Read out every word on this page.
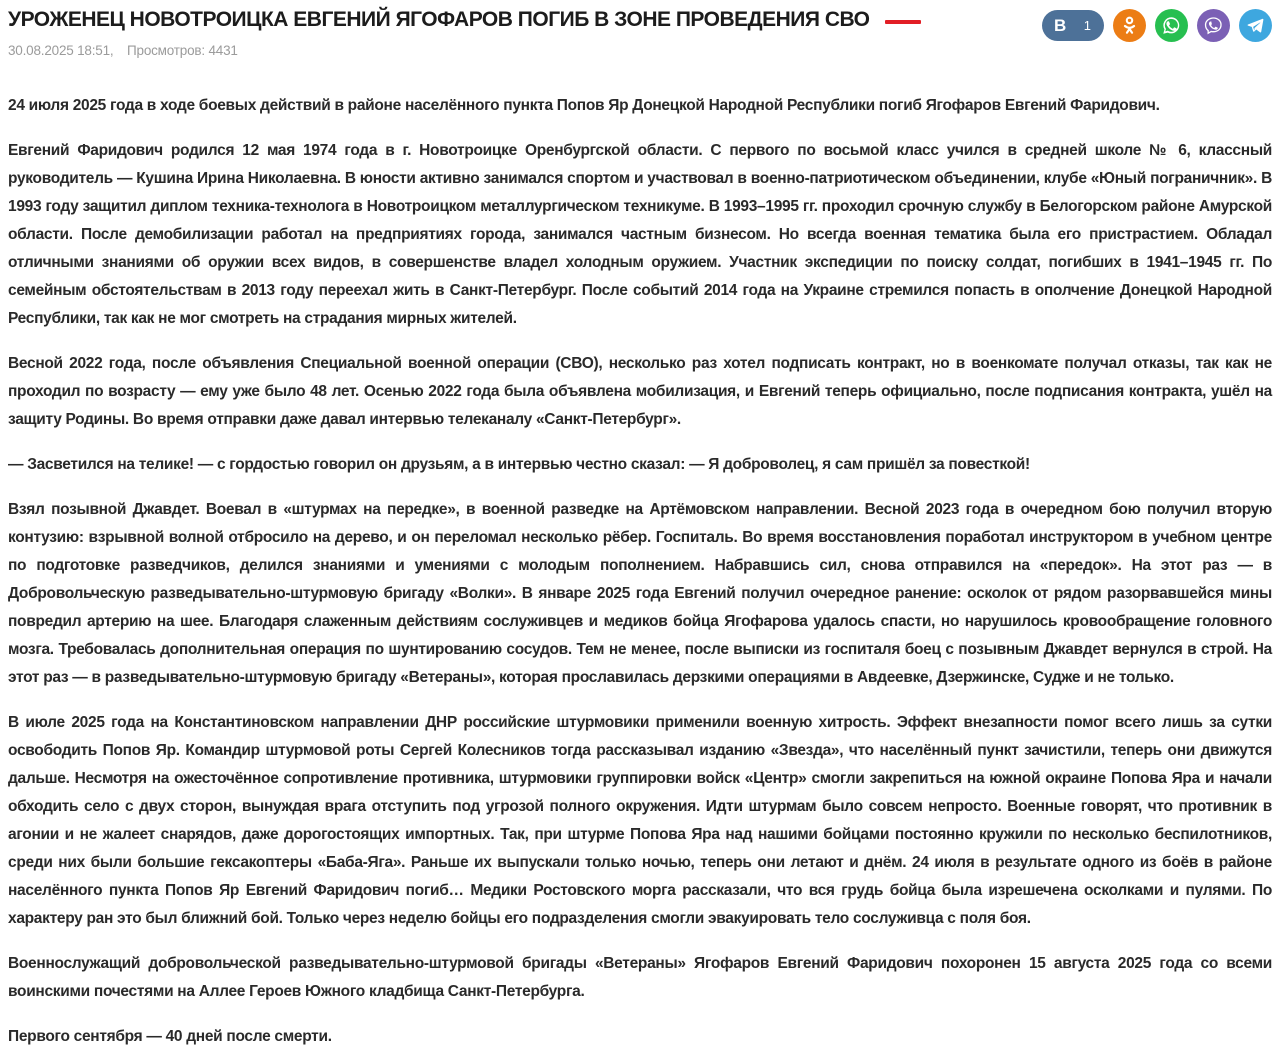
УРОЖЕНЕЦ НОВОТРОИЦКА ЕВГЕНИЙ ЯГОФАРОВ ПОГИБ В ЗОНЕ ПРОВЕДЕНИЯ СВО
30.08.2025 18:51, Просмотров: 4431
В 1

24 июля 2025 года в ходе боевых действий в районе населённого пункта Попов Яр Донецкой Народной Республики погиб Ягофаров Евгений Фаридович.

Евгений Фаридович родился 12 мая 1974 года в г. Новотроицке Оренбургской области. С первого по восьмой класс учился в средней школе № 6, классный руководитель — Кушина Ирина Николаевна. В юности активно занимался спортом и участвовал в военно-патриотическом объединении, клубе «Юный пограничник». В 1993 году защитил диплом техника-технолога в Новотроицком металлургическом техникуме. В 1993–1995 гг. проходил срочную службу в Белогорском районе Амурской области. После демобилизации работал на предприятиях города, занимался частным бизнесом. Но всегда военная тематика была его пристрастием. Обладал отличными знаниями об оружии всех видов, в совершенстве владел холодным оружием. Участник экспедиции по поиску солдат, погибших в 1941–1945 гг. По семейным обстоятельствам в 2013 году переехал жить в Санкт-Петербург. После событий 2014 года на Украине стремился попасть в ополчение Донецкой Народной Республики, так как не мог смотреть на страдания мирных жителей.

Весной 2022 года, после объявления Специальной военной операции (СВО), несколько раз хотел подписать контракт, но в военкомате получал отказы, так как не проходил по возрасту — ему уже было 48 лет. Осенью 2022 года была объявлена мобилизация, и Евгений теперь официально, после подписания контракта, ушёл на защиту Родины. Во время отправки даже давал интервью телеканалу «Санкт-Петербург».

— Засветился на телике! — с гордостью говорил он друзьям, а в интервью честно сказал: — Я доброволец, я сам пришёл за повесткой!

Взял позывной Джавдет. Воевал в «штурмах на передке», в военной разведке на Артёмовском направлении. Весной 2023 года в очередном бою получил вторую контузию: взрывной волной отбросило на дерево, и он переломал несколько рёбер. Госпиталь. Во время восстановления поработал инструктором в учебном центре по подготовке разведчиков, делился знаниями и умениями с молодым пополнением. Набравшись сил, снова отправился на «передок». На этот раз — в Добровольческую разведывательно-штурмовую бригаду «Волки». В январе 2025 года Евгений получил очередное ранение: осколок от рядом разорвавшейся мины повредил артерию на шее. Благодаря слаженным действиям сослуживцев и медиков бойца Ягофарова удалось спасти, но нарушилось кровообращение головного мозга. Требовалась дополнительная операция по шунтированию сосудов. Тем не менее, после выписки из госпиталя боец с позывным Джавдет вернулся в строй. На этот раз — в разведывательно-штурмовую бригаду «Ветераны», которая прославилась дерзкими операциями в Авдеевке, Дзержинске, Судже и не только.

В июле 2025 года на Константиновском направлении ДНР российские штурмовики применили военную хитрость. Эффект внезапности помог всего лишь за сутки освободить Попов Яр. Командир штурмовой роты Сергей Колесников тогда рассказывал изданию «Звезда», что населённый пункт зачистили, теперь они движутся дальше. Несмотря на ожесточённое сопротивление противника, штурмовики группировки войск «Центр» смогли закрепиться на южной окраине Попова Яра и начали обходить село с двух сторон, вынуждая врага отступить под угрозой полного окружения. Идти штурмам было совсем непросто. Военные говорят, что противник в агонии и не жалеет снарядов, даже дорогостоящих импортных. Так, при штурме Попова Яра над нашими бойцами постоянно кружили по несколько беспилотников, среди них были большие гексакоптеры «Баба-Яга». Раньше их выпускали только ночью, теперь они летают и днём. 24 июля в результате одного из боёв в районе населённого пункта Попов Яр Евгений Фаридович погиб… Медики Ростовского морга рассказали, что вся грудь бойца была изрешечена осколками и пулями. По характеру ран это был ближний бой. Только через неделю бойцы его подразделения смогли эвакуировать тело сослуживца с поля боя.

Военнослужащий добровольческой разведывательно-штурмовой бригады «Ветераны» Ягофаров Евгений Фаридович похоронен 15 августа 2025 года со всеми воинскими почестями на Аллее Героев Южного кладбища Санкт-Петербурга.

Первого сентября — 40 дней после смерти.
